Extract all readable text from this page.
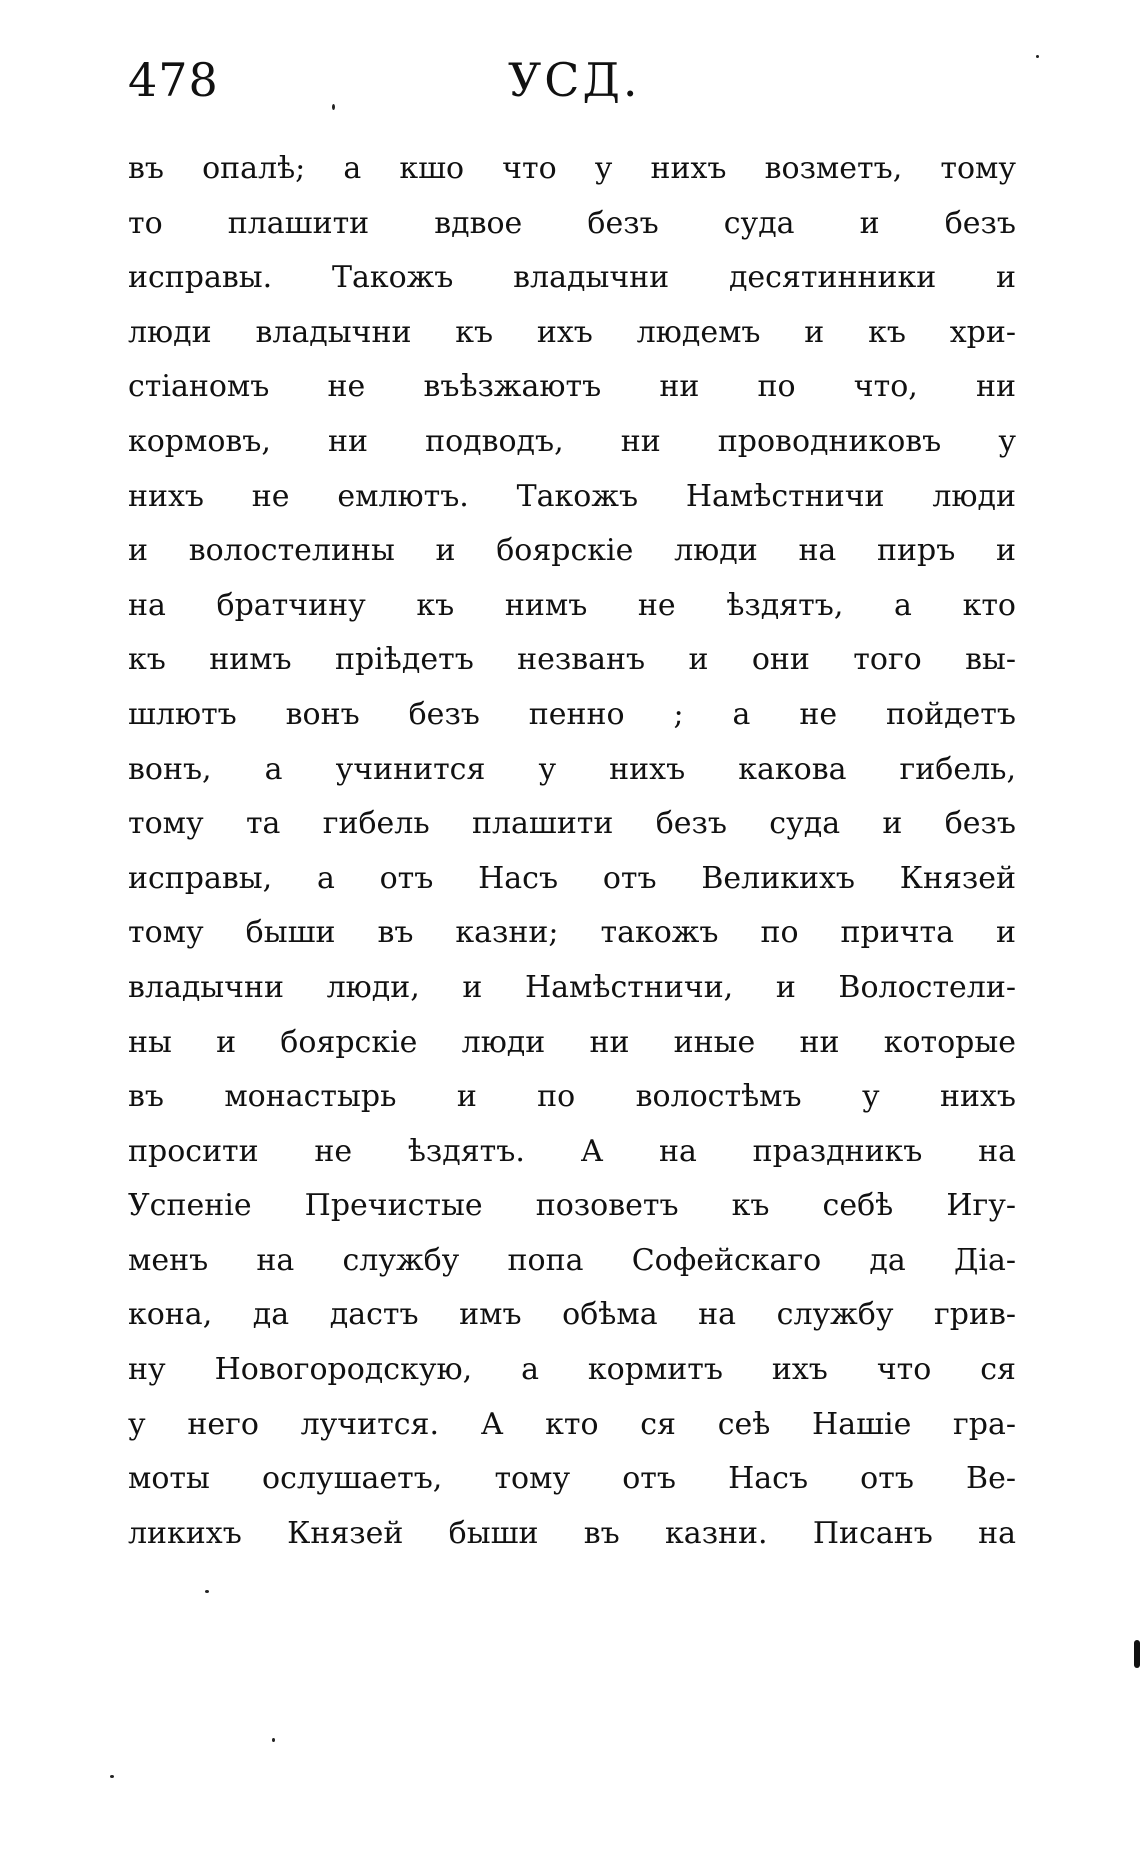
478	УСД.
въ опалѣ; а кшо что у нихъ возметъ, тому
то плашити вдвое безъ суда и безъ
исправы. Такожъ владычни десятинники и
люди владычни къ ихъ людемъ и къ хри-
стіаномъ не въѣзжаютъ ни по что, ни
кормовъ, ни подводъ, ни проводниковъ у
нихъ не емлютъ. Такожъ Намѣстничи люди
и волостелины и боярскіе люди на пиръ и
на братчину къ нимъ не ѣздятъ, а кто
къ нимъ пріѣдетъ незванъ и они того вы-
шлютъ вонъ безъ пенно ; а не пойдетъ
вонъ, а учинится у нихъ какова гибель,
тому та гибель плашити безъ суда и безъ
исправы, а отъ Насъ отъ Великихъ Князей
тому быши въ казни; такожъ по причта и
владычни люди, и Намѣстничи, и Волостели-
ны и боярскіе люди ни иные ни которые
въ монастырь и по волостѣмъ у нихъ
просити не ѣздятъ. А на праздникъ на
Успеніе Пречистые позоветъ къ себѣ Игу-
менъ на службу попа Софейскаго да Діа-
кона, да дастъ имъ обѣма на службу грив-
ну Новогородскую, а кормитъ ихъ что ся
у него лучится. А кто ся сеѣ Нашіе гра-
моты ослушаетъ, тому отъ Насъ отъ Ве-
ликихъ Князей быши въ казни. Писанъ на
